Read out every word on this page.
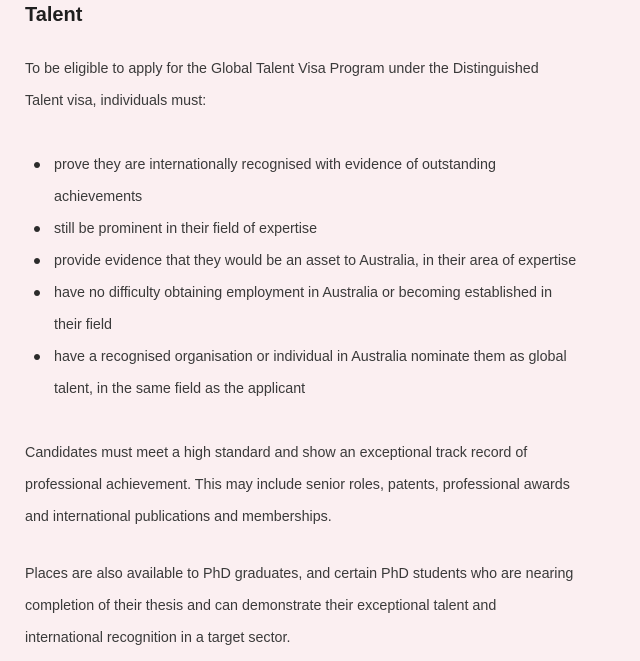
Talent

To be eligible to apply for the Global Talent Visa Program under the Distinguished
Talent visa, individuals must:

prove they are internationally recognised with evidence of outstanding
achievements
still be prominent in their field of expertise
provide evidence that they would be an asset to Australia, in their area of expertise
have no difficulty obtaining employment in Australia or becoming established in
their field
have a recognised organisation or individual in Australia nominate them as global
talent, in the same field as the applicant

Candidates must meet a high standard and show an exceptional track record of
professional achievement. This may include senior roles, patents, professional awards
and international publications and memberships.

Places are also available to PhD graduates, and certain PhD students who are nearing
completion of their thesis and can demonstrate their exceptional talent and
international recognition in a target sector.
